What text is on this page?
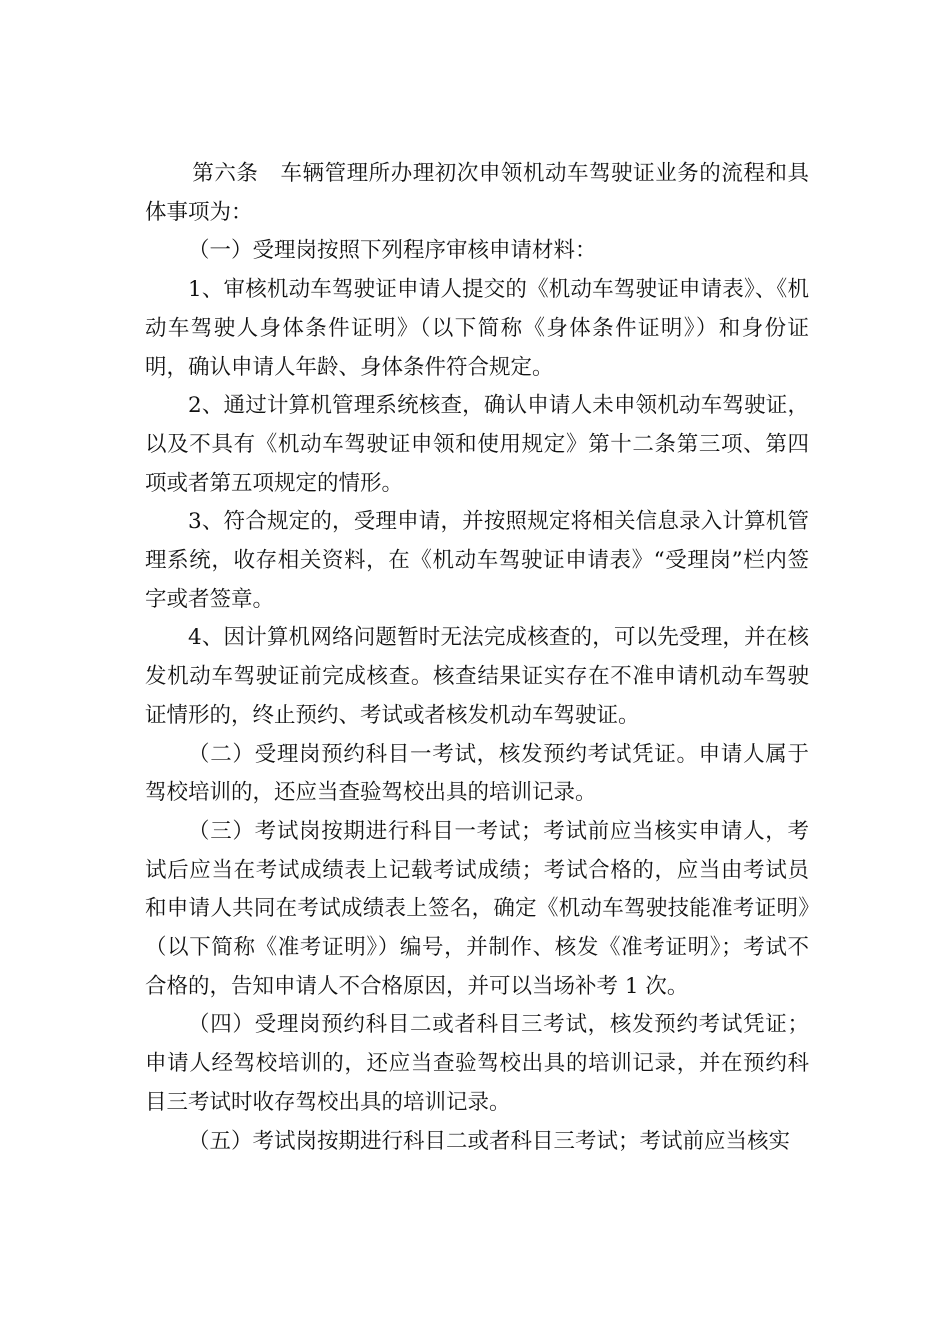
第六条  车辆管理所办理初次申领机动车驾驶证业务的流程和具体事项为：

（一）受理岗按照下列程序审核申请材料：

1、审核机动车驾驶证申请人提交的《机动车驾驶证申请表》、《机动车驾驶人身体条件证明》（以下简称《身体条件证明》）和身份证明，确认申请人年龄、身体条件符合规定。

2、通过计算机管理系统核查，确认申请人未申领机动车驾驶证，以及不具有《机动车驾驶证申领和使用规定》第十二条第三项、第四项或者第五项规定的情形。

3、符合规定的，受理申请，并按照规定将相关信息录入计算机管理系统，收存相关资料，在《机动车驾驶证申请表》“受理岗”栏内签字或者签章。

4、因计算机网络问题暂时无法完成核查的，可以先受理，并在核发机动车驾驶证前完成核查。核查结果证实存在不准申请机动车驾驶证情形的，终止预约、考试或者核发机动车驾驶证。

（二）受理岗预约科目一考试，核发预约考试凭证。申请人属于驾校培训的，还应当查验驾校出具的培训记录。

（三）考试岗按期进行科目一考试；考试前应当核实申请人，考试后应当在考试成绩表上记载考试成绩；考试合格的，应当由考试员和申请人共同在考试成绩表上签名，确定《机动车驾驶技能准考证明》（以下简称《准考证明》）编号，并制作、核发《准考证明》；考试不合格的，告知申请人不合格原因，并可以当场补考 1 次。

（四）受理岗预约科目二或者科目三考试，核发预约考试凭证；申请人经驾校培训的，还应当查验驾校出具的培训记录，并在预约科目三考试时收存驾校出具的培训记录。

（五）考试岗按期进行科目二或者科目三考试；考试前应当核实
